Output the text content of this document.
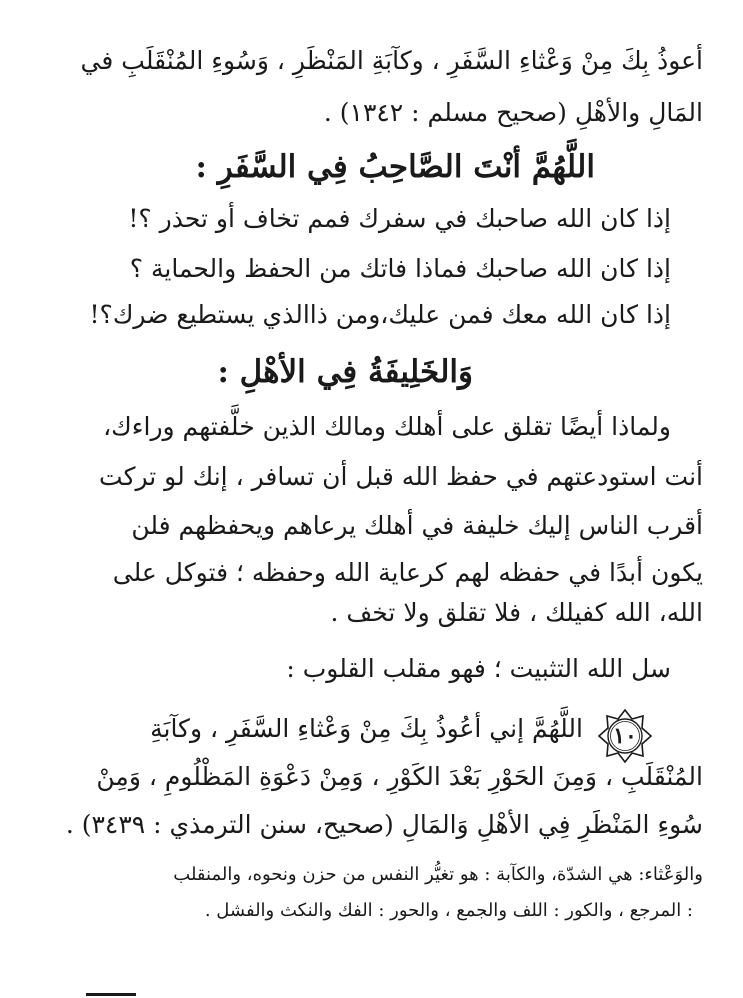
أعوذُ بِكَ مِنْ وَعْثاءِ السَّفَرِ ، وكآبَةِ المَنْظَرِ ، وَسُوءِ المُنْقَلَبِ في
المَالِ والأهْلِ (صحيح مسلم : ١٣٤٢) .
اللَّهُمَّ أنْتَ الصَّاحِبُ فِي السَّفَرِ :
إذا كان الله صاحبك في سفرك فمم تخاف أو تحذر ؟!
إذا كان الله صاحبك فماذا فاتك من الحفظ والحماية ؟
إذا كان الله معك فمن عليك،ومن ذاالذي يستطيع ضرك؟!
وَالخَلِيفَةُ فِي الأهْلِ :
ولماذا أيضًا تقلق على أهلك ومالك الذين خلَّفتهم وراءك،
أنت استودعتهم في حفظ الله قبل أن تسافر ، إنك لو تركت
أقرب الناس إليك خليفة في أهلك يرعاهم ويحفظهم فلن
يكون أبدًا في حفظه لهم كرعاية الله وحفظه ؛ فتوكل على
الله، الله كفيلك ، فلا تقلق ولا تخف .
سل الله التثبيت ؛ فهو مقلب القلوب :
١٠
اللَّهُمَّ إني أعُوذُ بِكَ مِنْ وَعْثاءِ السَّفَرِ ، وكآبَةِ
المُنْقَلَبِ ، وَمِنَ الحَوْرِ بَعْدَ الكَوْرِ ، وَمِنْ دَعْوَةِ المَظْلُومِ ، وَمِنْ
سُوءِ المَنْظَرِ فِي الأهْلِ وَالمَالِ (صحيح، سنن الترمذي : ٣٤٣٩) .
والوَعْثاء: هي الشدّة، والكآبة : هو تغيُّر النفس من حزن ونحوه، والمنقلب
: المرجع ، والكور : اللف والجمع ، والحور : الفك والنكث والفشل .
